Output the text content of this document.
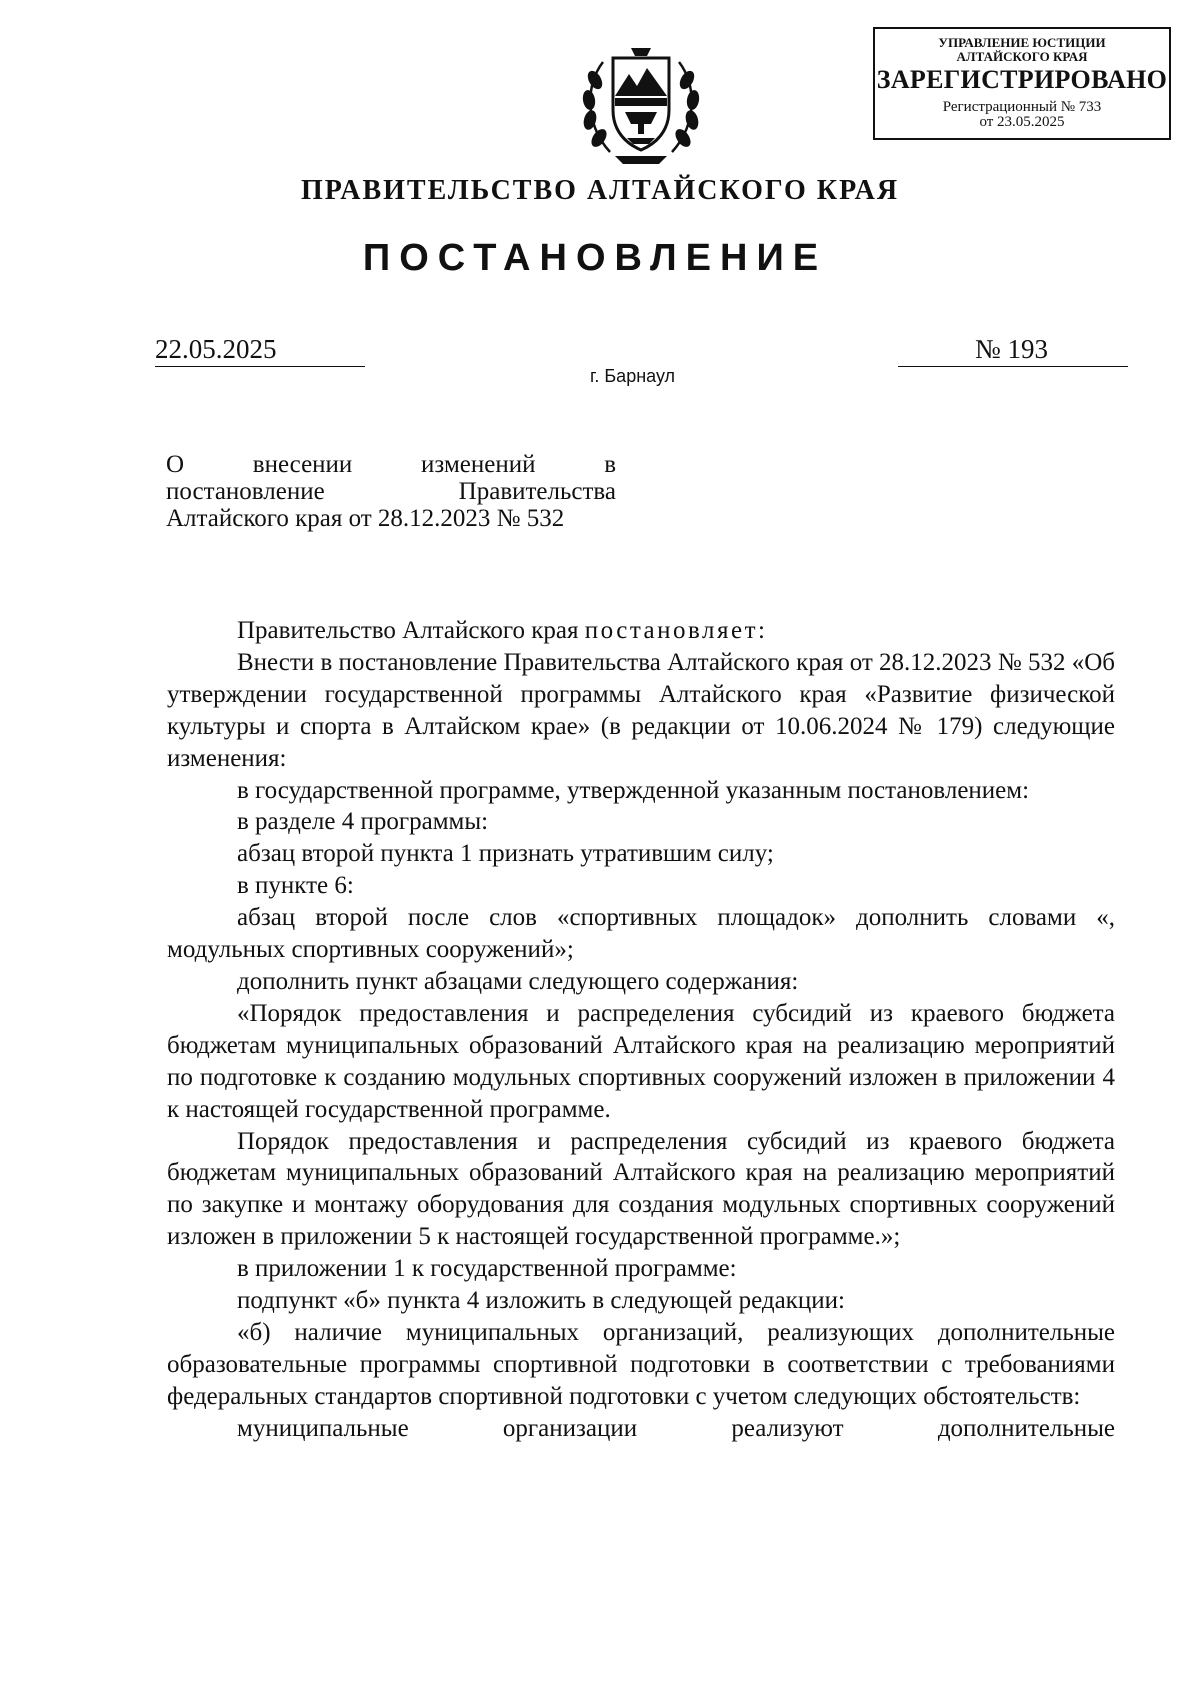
УПРАВЛЕНИЕ ЮСТИЦИИ
АЛТАЙСКОГО КРАЯ
ЗАРЕГИСТРИРОВАНО
Регистрационный № 733
от 23.05.2025
ПРАВИТЕЛЬСТВО АЛТАЙСКОГО КРАЯ
ПОСТАНОВЛЕНИЕ
22.05.2025	№ 193
г. Барнаул
О внесении изменений в
постановление Правительства
Алтайского края от 28.12.2023 № 532

Правительство Алтайского края постановляет:

Внести в постановление Правительства Алтайского края от 28.12.2023 № 532 «Об утверждении государственной программы Алтайского края «Развитие физической культуры и спорта в Алтайском крае» (в редакции от 10.06.2024 № 179) следующие изменения:

в государственной программе, утвержденной указанным постановлением:

в разделе 4 программы:

абзац второй пункта 1 признать утратившим силу;

в пункте 6:

абзац второй после слов «спортивных площадок» дополнить словами «, модульных спортивных сооружений»;

дополнить пункт абзацами следующего содержания:

«Порядок предоставления и распределения субсидий из краевого бюджета бюджетам муниципальных образований Алтайского края на реализацию мероприятий по подготовке к созданию модульных спортивных сооружений изложен в приложении 4 к настоящей государственной программе.

Порядок предоставления и распределения субсидий из краевого бюджета бюджетам муниципальных образований Алтайского края на реализацию мероприятий по закупке и монтажу оборудования для создания модульных спортивных сооружений изложен в приложении 5 к настоящей государственной программе.»;

в приложении 1 к государственной программе:

подпункт «б» пункта 4 изложить в следующей редакции:

«б) наличие муниципальных организаций, реализующих дополнительные образовательные программы спортивной подготовки в соответствии с требованиями федеральных стандартов спортивной подготовки с учетом следующих обстоятельств:

муниципальные организации реализуют дополнительные
